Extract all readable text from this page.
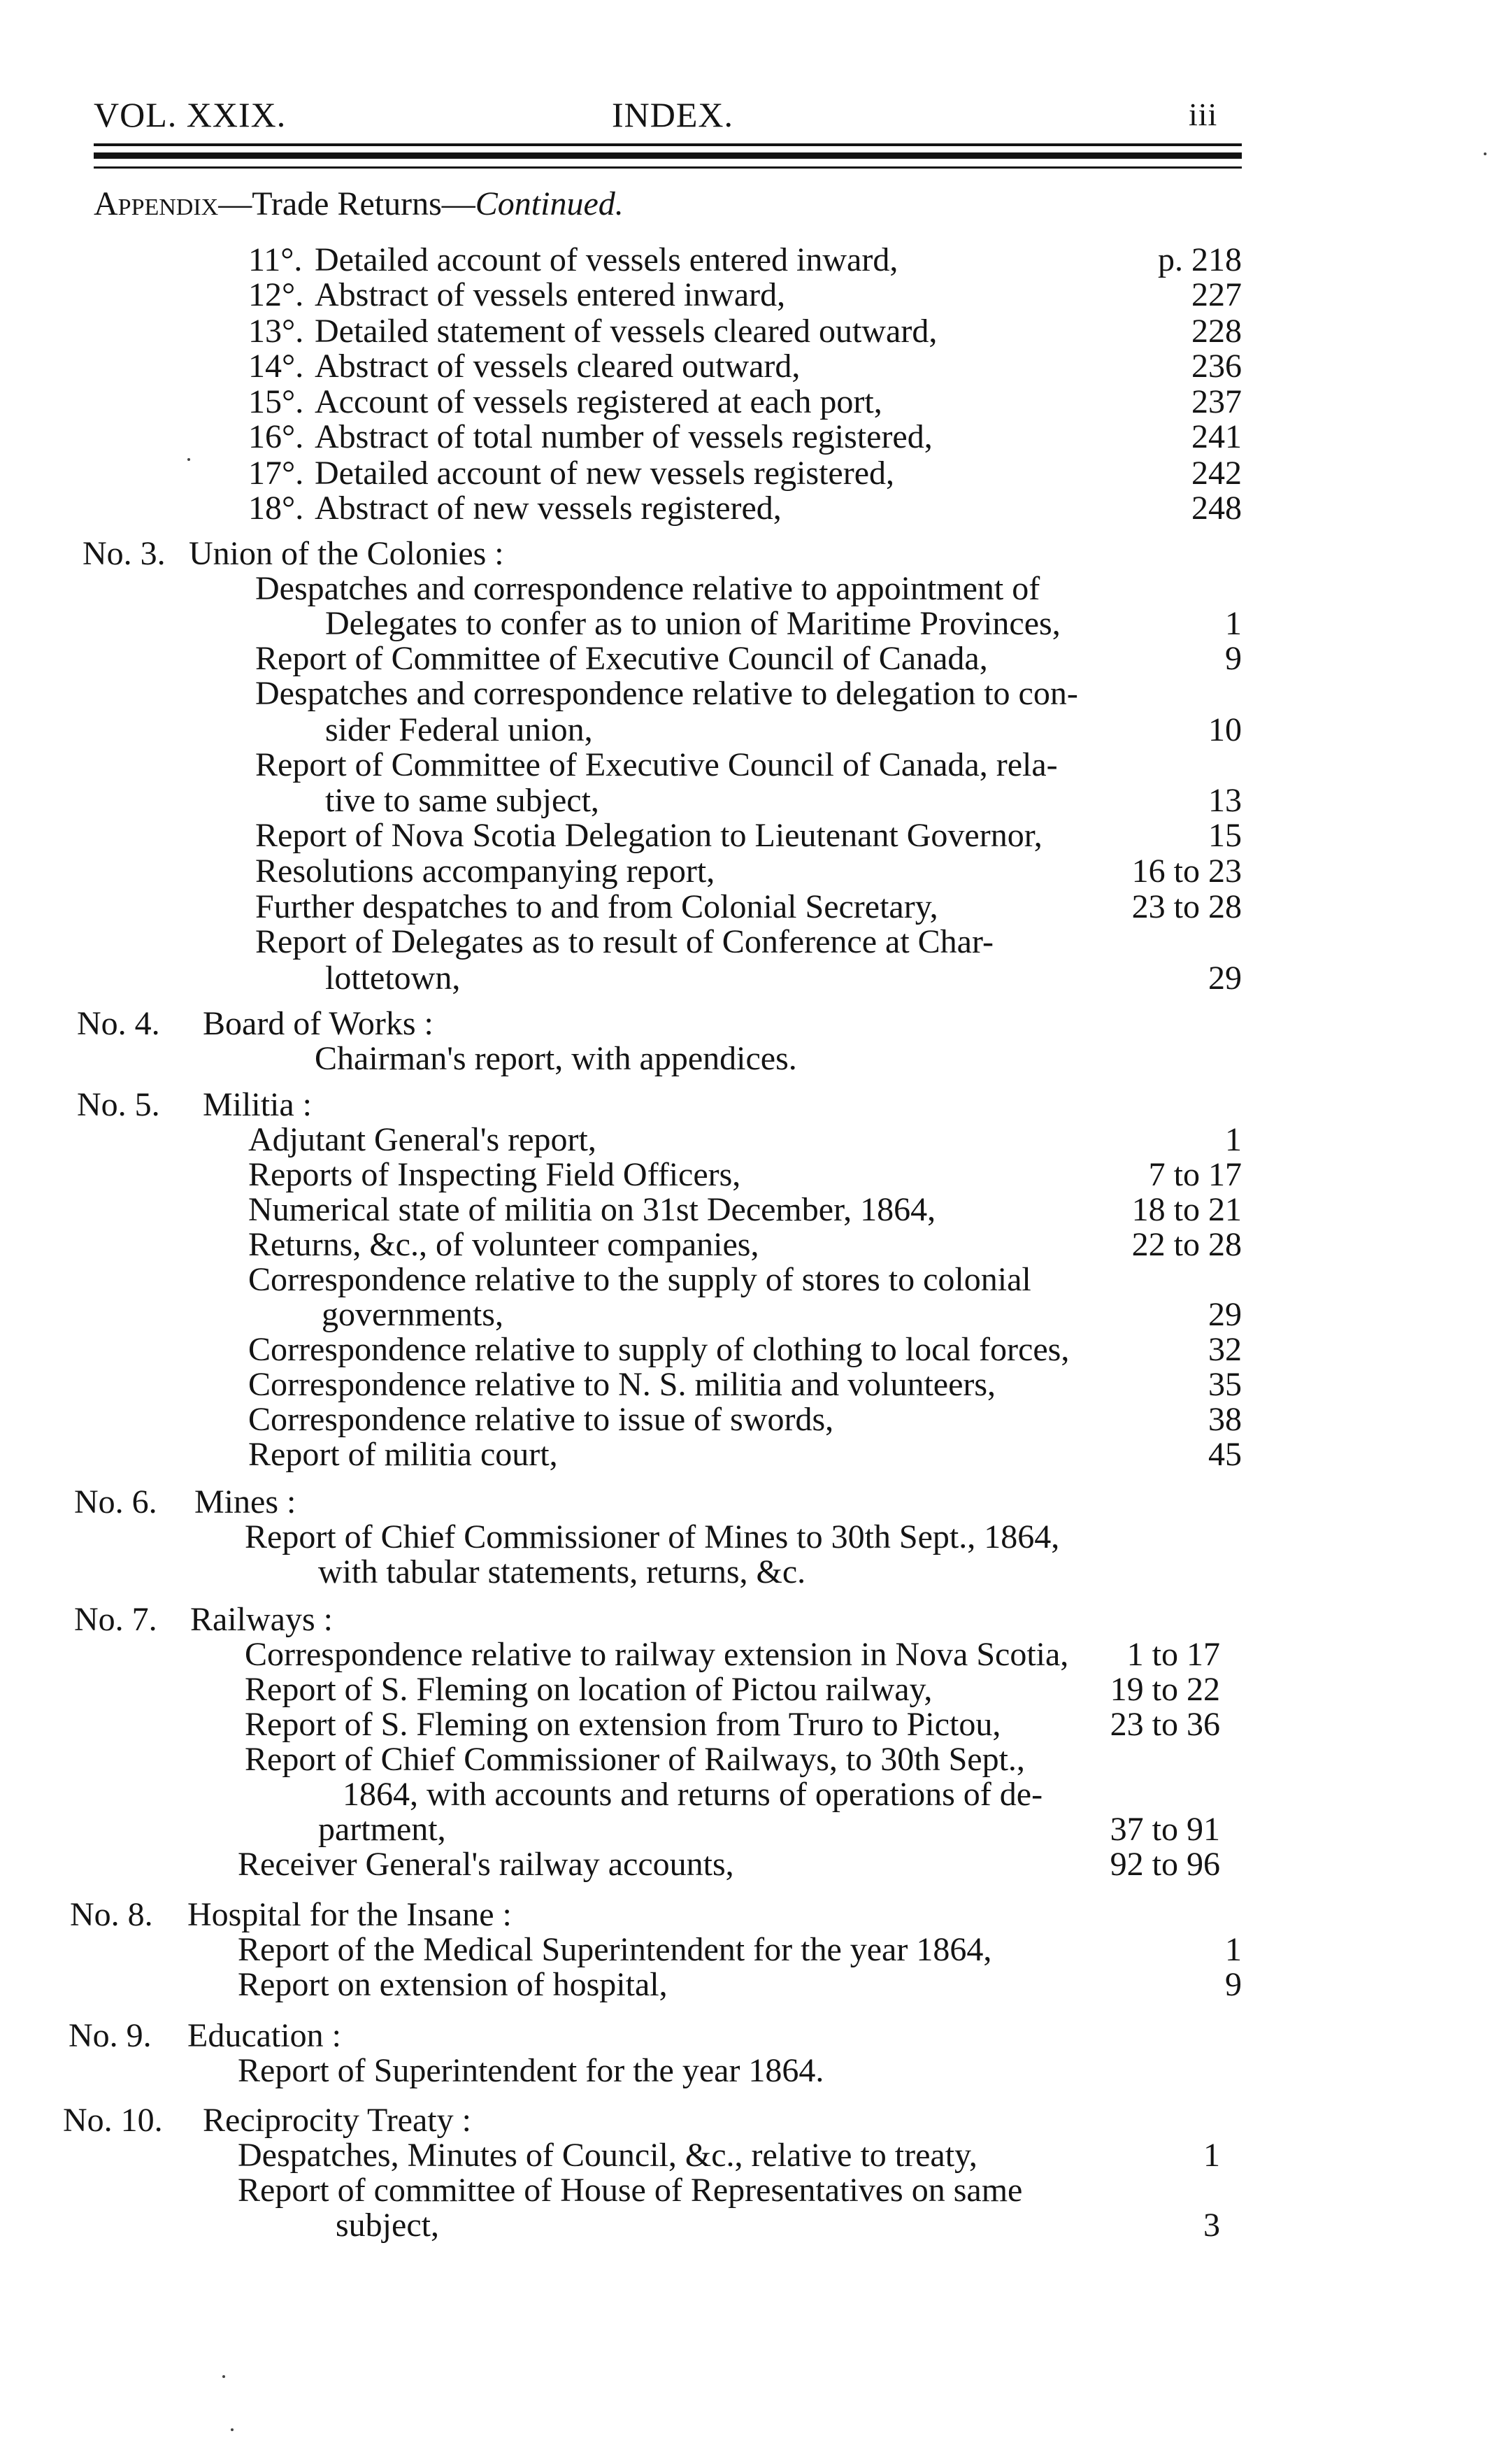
VOL. XXIX.	INDEX.	iii
Appendix—Trade Returns—Continued.
11°. Detailed account of vessels entered inward,	p. 218
12°. Abstract of vessels entered inward,	227
13°. Detailed statement of vessels cleared outward,	228
14°. Abstract of vessels cleared outward,	236
15°. Account of vessels registered at each port,	237
16°. Abstract of total number of vessels registered,	241
17°. Detailed account of new vessels registered,	242
18°. Abstract of new vessels registered,	248
No. 3. Union of the Colonies :
Despatches and correspondence relative to appointment of
Delegates to confer as to union of Maritime Provinces,	1
Report of Committee of Executive Council of Canada,	9
Despatches and correspondence relative to delegation to con-
sider Federal union,	10
Report of Committee of Executive Council of Canada, rela-
tive to same subject,	13
Report of Nova Scotia Delegation to Lieutenant Governor,	15
Resolutions accompanying report,	16 to 23
Further despatches to and from Colonial Secretary,	23 to 28
Report of Delegates as to result of Conference at Char-
lottetown,	29
No. 4. Board of Works :
Chairman's report, with appendices.
No. 5. Militia :
Adjutant General's report,	1
Reports of Inspecting Field Officers,	7 to 17
Numerical state of militia on 31st December, 1864,	18 to 21
Returns, &c., of volunteer companies,	22 to 28
Correspondence relative to the supply of stores to colonial
governments,	29
Correspondence relative to supply of clothing to local forces,	32
Correspondence relative to N. S. militia and volunteers,	35
Correspondence relative to issue of swords,	38
Report of militia court,	45
No. 6. Mines :
Report of Chief Commissioner of Mines to 30th Sept., 1864,
with tabular statements, returns, &c.
No. 7. Railways :
Correspondence relative to railway extension in Nova Scotia, 1 to 17
Report of S. Fleming on location of Pictou railway,	19 to 22
Report of S. Fleming on extension from Truro to Pictou,	23 to 36
Report of Chief Commissioner of Railways, to 30th Sept.,
1864, with accounts and returns of operations of de-
partment,	37 to 91
Receiver General's railway accounts,	92 to 96
No. 8. Hospital for the Insane :
Report of the Medical Superintendent for the year 1864,	1
Report on extension of hospital,	9
No. 9. Education :
Report of Superintendent for the year 1864.
No. 10. Reciprocity Treaty :
Despatches, Minutes of Council, &c., relative to treaty,	1
Report of committee of House of Representatives on same
subject,	3
